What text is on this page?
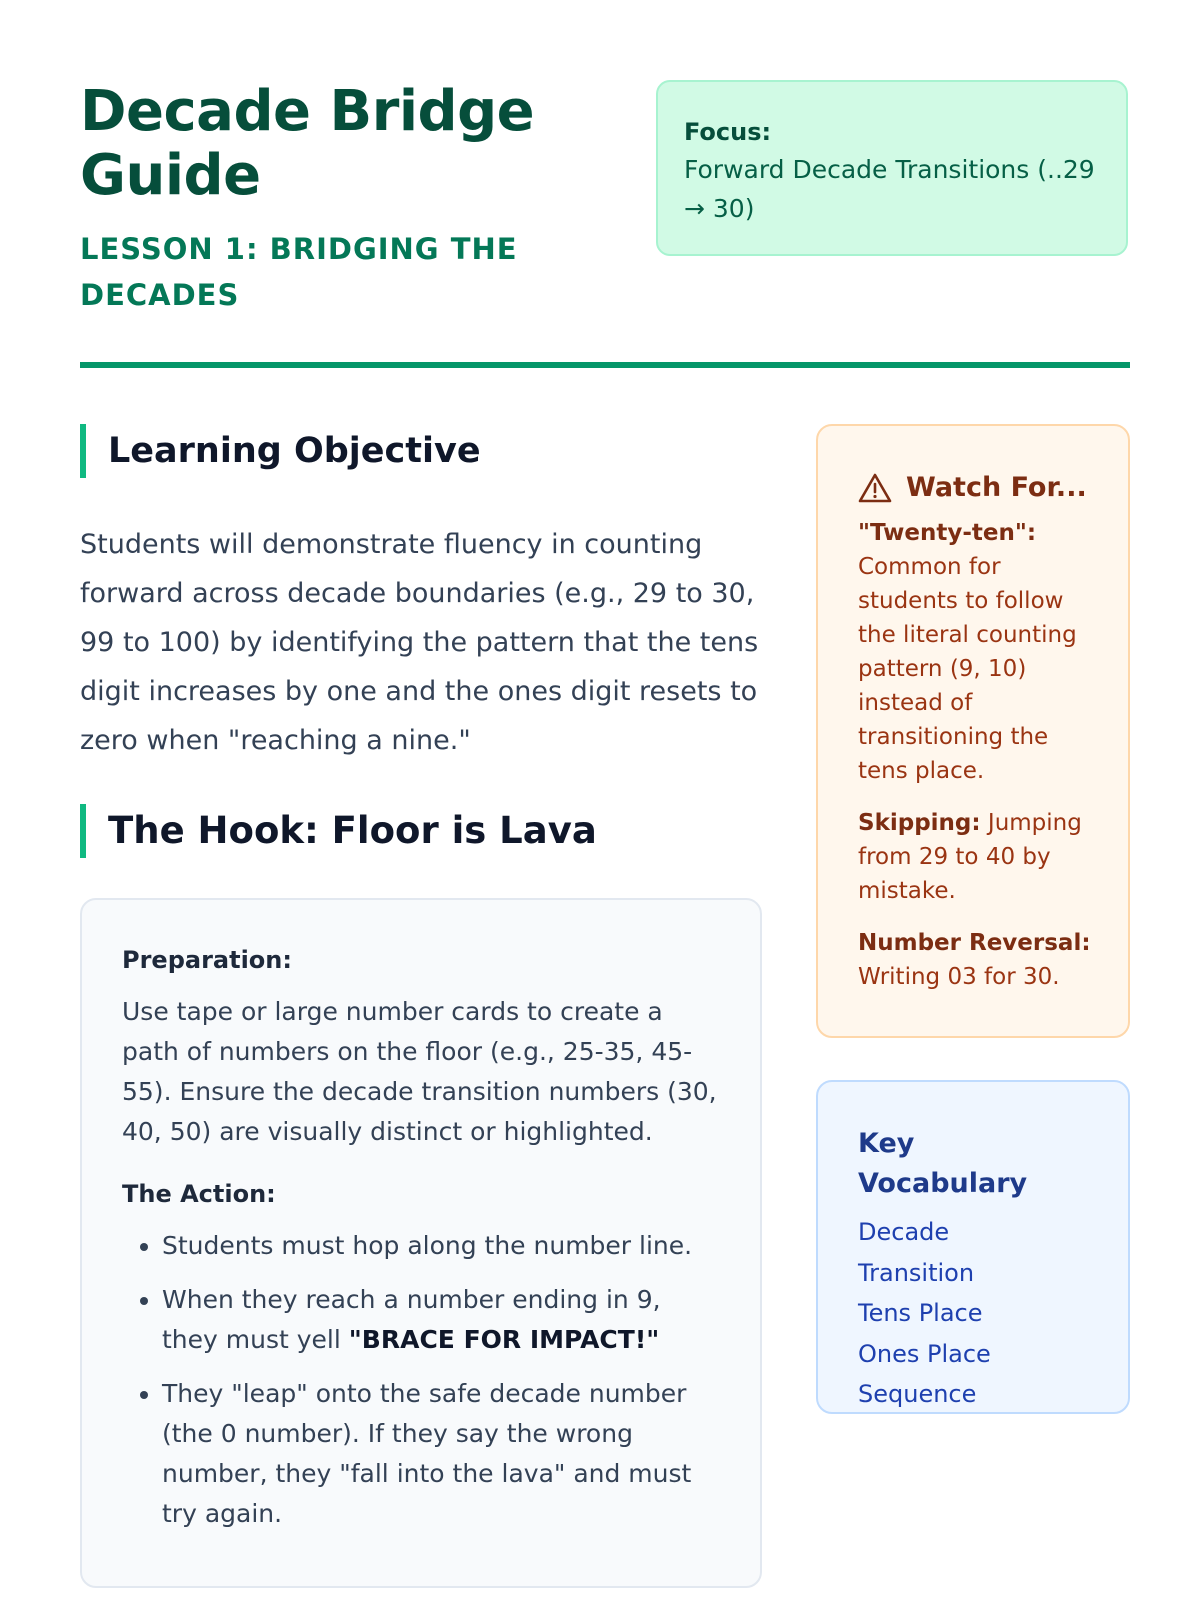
Decade Bridge Guide
LESSON 1: BRIDGING THE DECADES
Focus:
Forward Decade Transitions (..29 → 30)
Learning Objective

Students will demonstrate fluency in counting forward across decade boundaries (e.g., 29 to 30, 99 to 100) by identifying the pattern that the tens digit increases by one and the ones digit resets to zero when "reaching a nine."

The Hook: Floor is Lava

Preparation:

Use tape or large number cards to create a path of numbers on the floor (e.g., 25-35, 45-55). Ensure the decade transition numbers (30, 40, 50) are visually distinct or highlighted.

The Action:

• Students must hop along the number line.
• When they reach a number ending in 9, they must yell "BRACE FOR IMPACT!"
• They "leap" onto the safe decade number (the 0 number). If they say the wrong number, they "fall into the lava" and must try again.
Watch For...

"Twenty-ten": Common for students to follow the literal counting pattern (9, 10) instead of transitioning the tens place.

Skipping: Jumping from 29 to 40 by mistake.

Number Reversal: Writing 03 for 30.

Key Vocabulary
Decade
Transition
Tens Place
Ones Place
Sequence
